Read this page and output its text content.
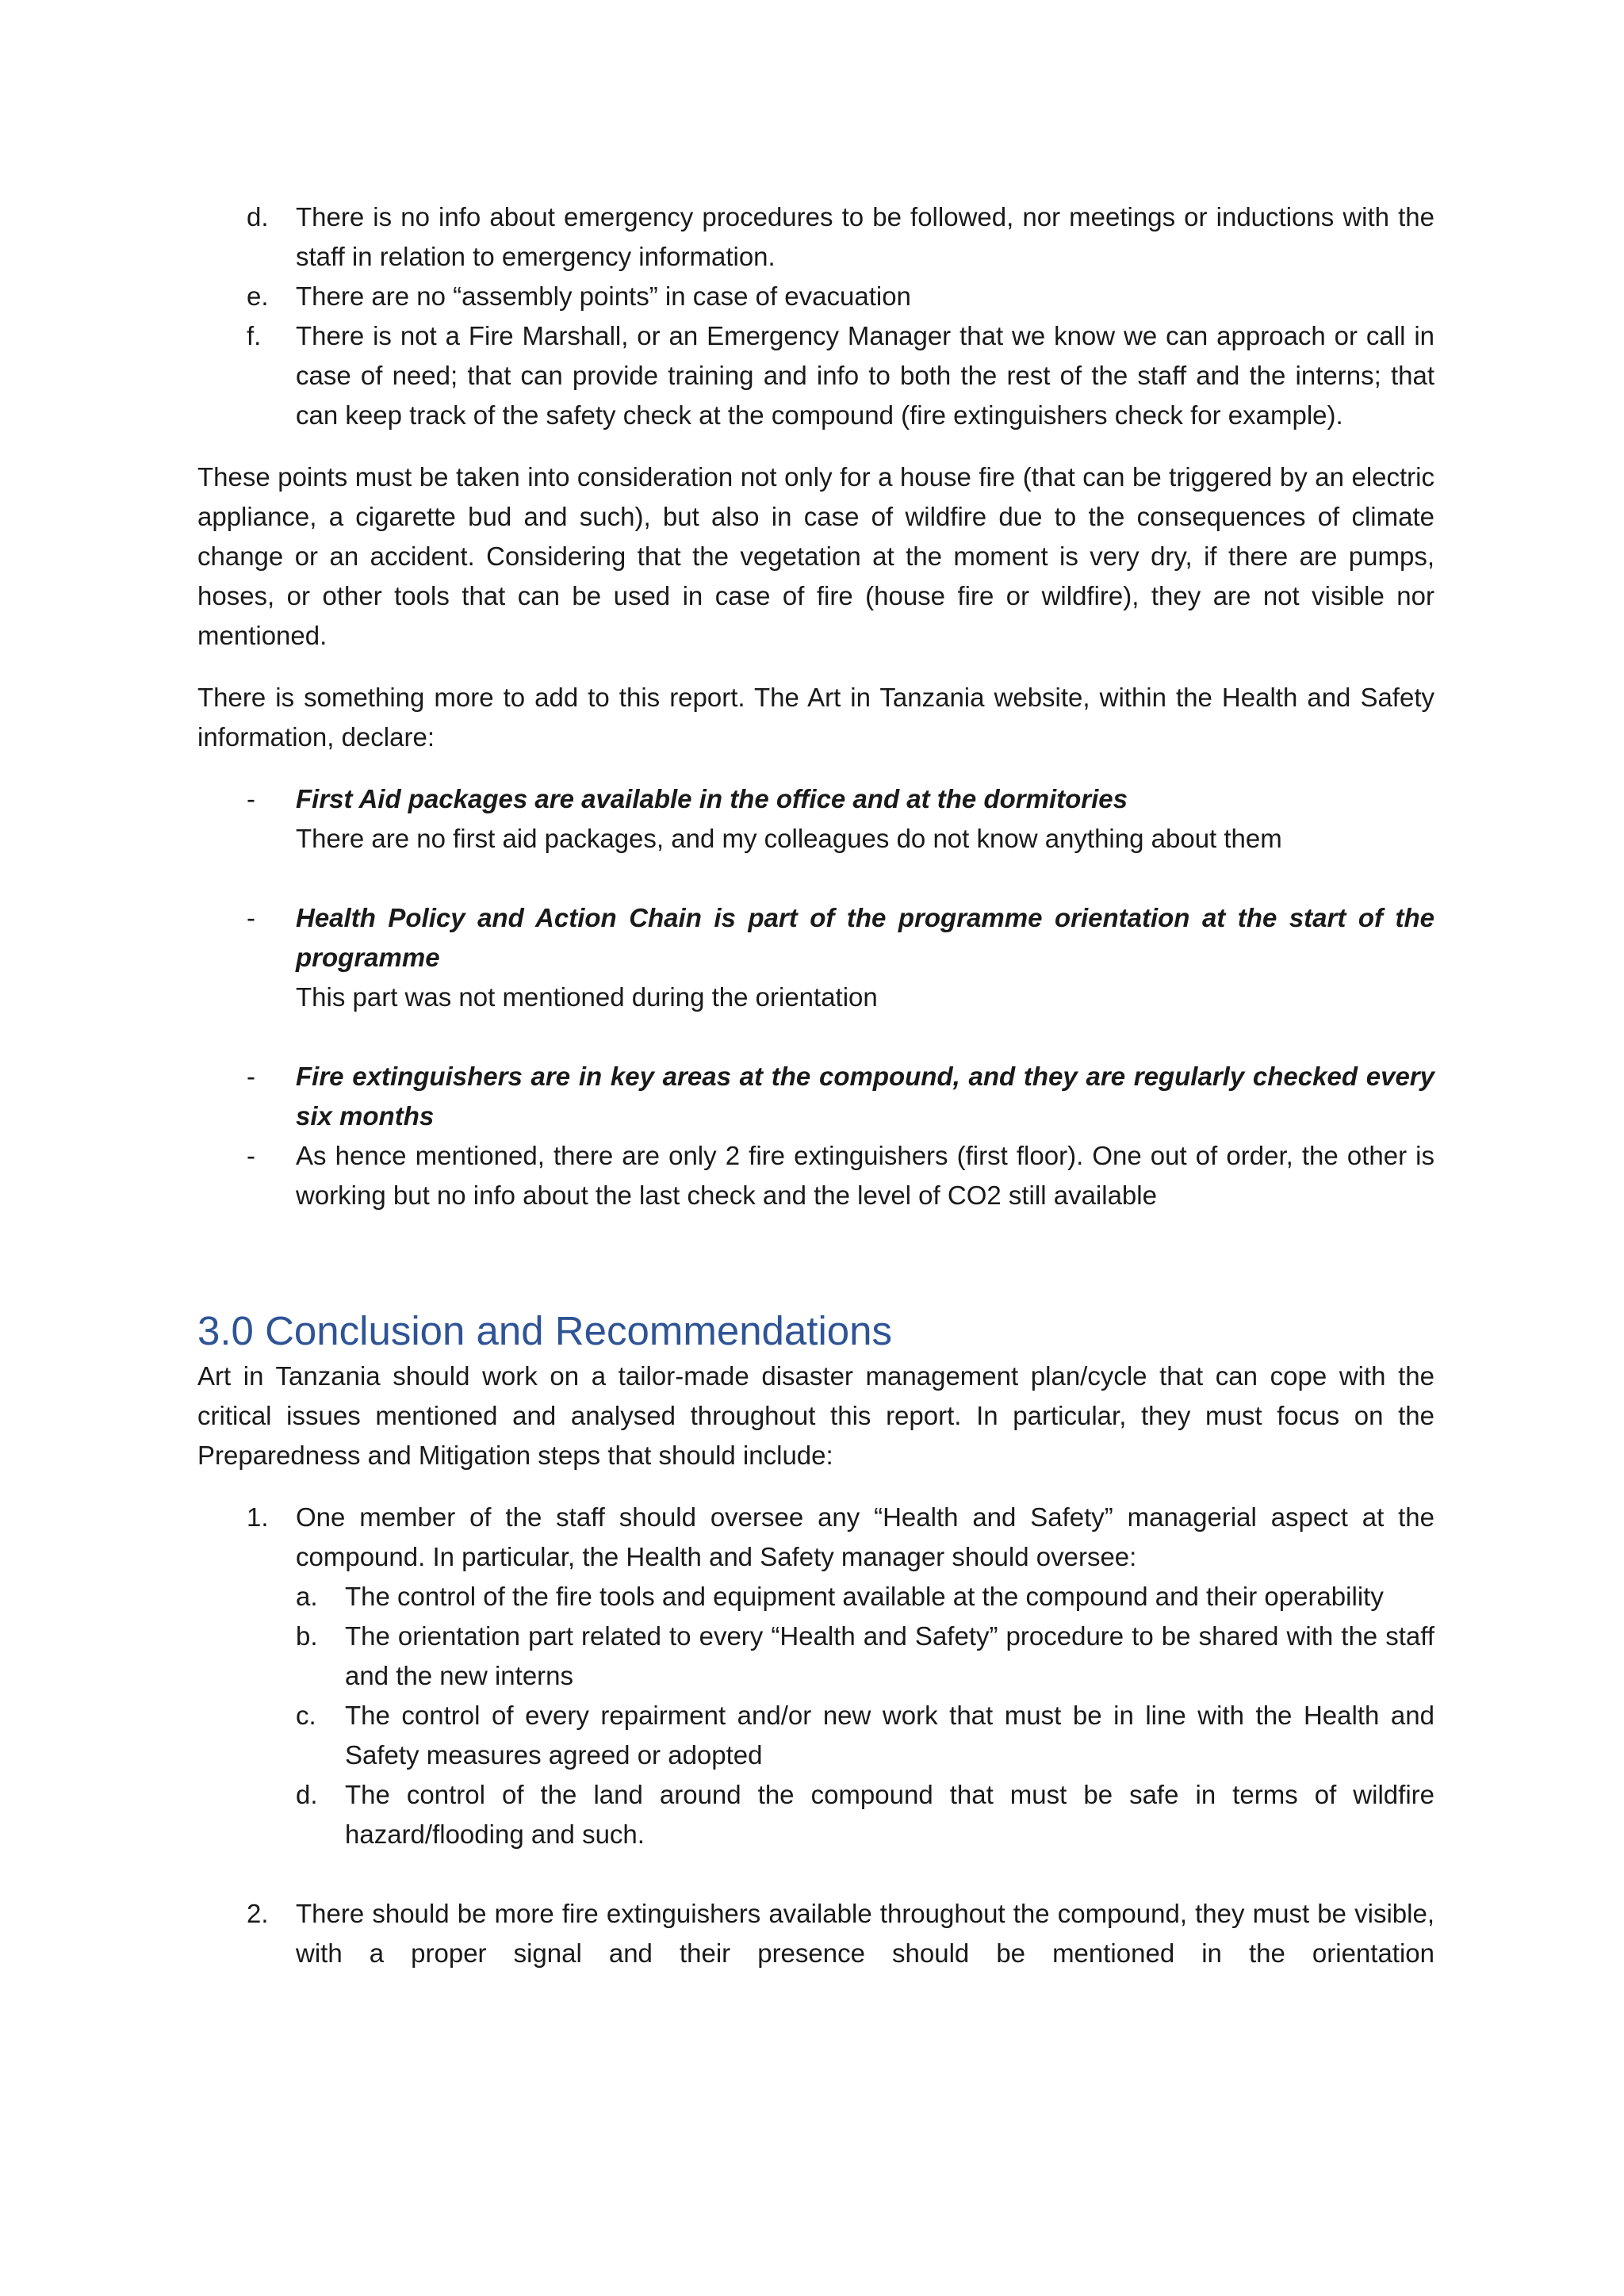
d. There is no info about emergency procedures to be followed, nor meetings or inductions with the staff in relation to emergency information.
e. There are no “assembly points” in case of evacuation
f. There is not a Fire Marshall, or an Emergency Manager that we know we can approach or call in case of need; that can provide training and info to both the rest of the staff and the interns; that can keep track of the safety check at the compound (fire extinguishers check for example).

These points must be taken into consideration not only for a house fire (that can be triggered by an electric appliance, a cigarette bud and such), but also in case of wildfire due to the consequences of climate change or an accident. Considering that the vegetation at the moment is very dry, if there are pumps, hoses, or other tools that can be used in case of fire (house fire or wildfire), they are not visible nor mentioned.

There is something more to add to this report. The Art in Tanzania website, within the Health and Safety information, declare:

- First Aid packages are available in the office and at the dormitories
There are no first aid packages, and my colleagues do not know anything about them
- Health Policy and Action Chain is part of the programme orientation at the start of the programme
This part was not mentioned during the orientation
- Fire extinguishers are in key areas at the compound, and they are regularly checked every six months
- As hence mentioned, there are only 2 fire extinguishers (first floor). One out of order, the other is working but no info about the last check and the level of CO2 still available
3.0 Conclusion and Recommendations

Art in Tanzania should work on a tailor-made disaster management plan/cycle that can cope with the critical issues mentioned and analysed throughout this report. In particular, they must focus on the Preparedness and Mitigation steps that should include:

1. One member of the staff should oversee any “Health and Safety” managerial aspect at the compound. In particular, the Health and Safety manager should oversee:
a. The control of the fire tools and equipment available at the compound and their operability
b. The orientation part related to every “Health and Safety” procedure to be shared with the staff and the new interns
c. The control of every repairment and/or new work that must be in line with the Health and Safety measures agreed or adopted
d. The control of the land around the compound that must be safe in terms of wildfire hazard/flooding and such.
2. There should be more fire extinguishers available throughout the compound, they must be visible, with a proper signal and their presence should be mentioned in the orientation
